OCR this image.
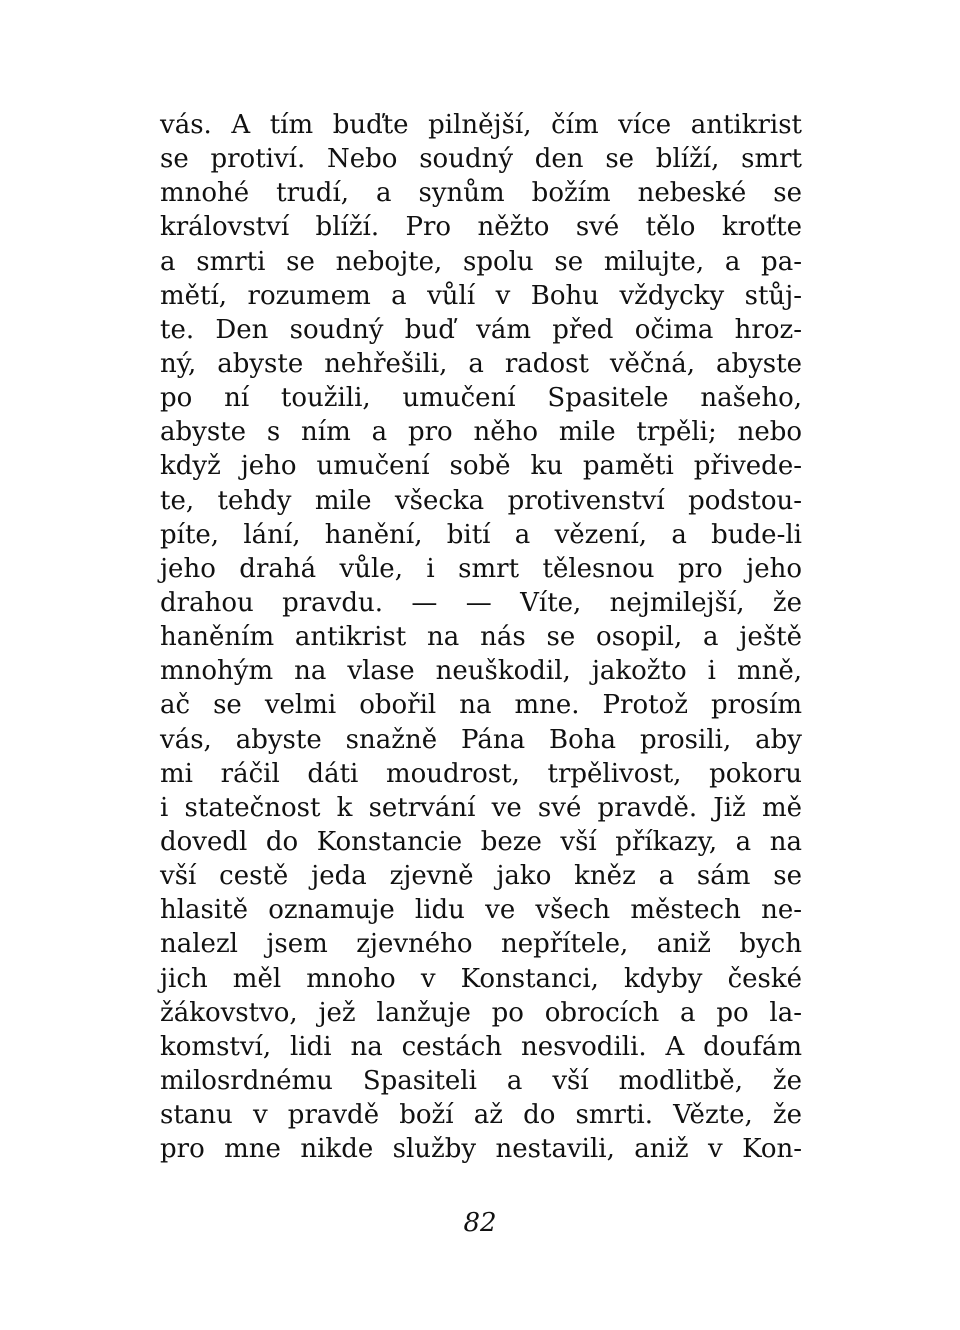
vás. A tím buďte pilnější, čím více antikrist
se protiví. Nebo soudný den se blíží, smrt
mnohé trudí, a synům božím nebeské se
království blíží. Pro něžto své tělo kroťte
a smrti se nebojte, spolu se milujte, a pa-
mětí, rozumem a vůlí v Bohu vždycky stůj-
te. Den soudný buď vám před očima hroz-
ný, abyste nehřešili, a radost věčná, abyste
po ní toužili, umučení Spasitele našeho,
abyste s ním a pro něho mile trpěli; nebo
když jeho umučení sobě ku paměti přivede-
te, tehdy mile všecka protivenství podstou-
píte, lání, hanění, bití a vězení, a bude-li
jeho drahá vůle, i smrt tělesnou pro jeho
drahou pravdu. — — Víte, nejmilejší, že
haněním antikrist na nás se osopil, a ještě
mnohým na vlase neuškodil, jakožto i mně,
ač se velmi obořil na mne. Protož prosím
vás, abyste snažně Pána Boha prosili, aby
mi ráčil dáti moudrost, trpělivost, pokoru
i statečnost k setrvání ve své pravdě. Již mě
dovedl do Konstancie beze vší příkazy, a na
vší cestě jeda zjevně jako kněz a sám se
hlasitě oznamuje lidu ve všech městech ne-
nalezl jsem zjevného nepřítele, aniž bych
jich měl mnoho v Konstanci, kdyby české
žákovstvo, jež lanžuje po obrocích a po la-
komství, lidi na cestách nesvodili. A doufám
milosrdnému Spasiteli a vší modlitbě, že
stanu v pravdě boží až do smrti. Vězte, že
pro mne nikde služby nestavili, aniž v Kon-
82
